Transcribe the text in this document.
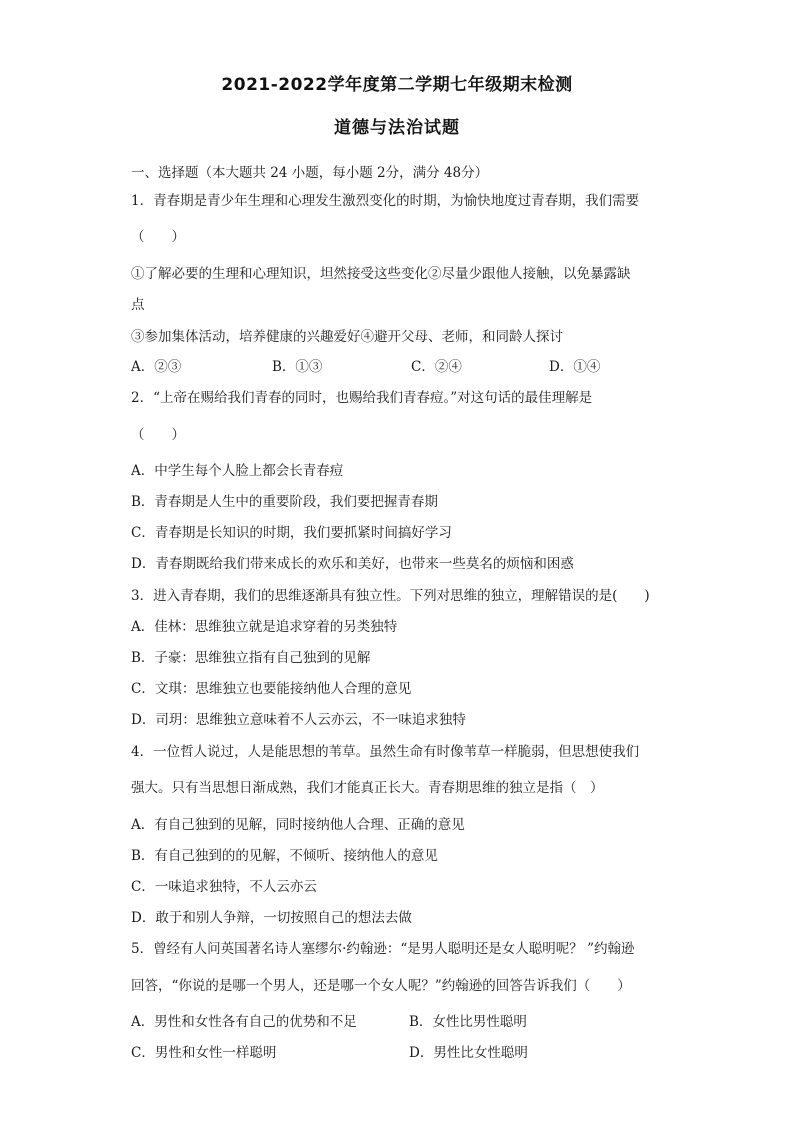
2021-2022学年度第二学期七年级期末检测
道德与法治试题
一、选择题（本大题共 24 小题，每小题 2分，满分 48分）
1．青春期是青少年生理和心理发生激烈变化的时期，为愉快地度过青春期，我们需要
（　　）
①了解必要的生理和心理知识，坦然接受这些变化②尽量少跟他人接触，以免暴露缺
点
③参加集体活动，培养健康的兴趣爱好④避开父母、老师，和同龄人探讨
A．②③	B．①③	C．②④	D．①④
2．“上帝在赐给我们青春的同时，也赐给我们青春痘。”对这句话的最佳理解是
（　　）
A．中学生每个人脸上都会长青春痘
B．青春期是人生中的重要阶段，我们要把握青春期
C．青春期是长知识的时期，我们要抓紧时间搞好学习
D．青春期既给我们带来成长的欢乐和美好，也带来一些莫名的烦恼和困惑
3．进入青春期，我们的思维逐渐具有独立性。下列对思维的独立，理解错误的是(　　)
A．佳林：思维独立就是追求穿着的另类独特
B．子豪：思维独立指有自己独到的见解
C．文琪：思维独立也要能接纳他人合理的意见
D．司玥：思维独立意味着不人云亦云，不一味追求独特
4．一位哲人说过，人是能思想的苇草。虽然生命有时像苇草一样脆弱，但思想使我们
强大。只有当思想日渐成熟，我们才能真正长大。青春期思维的独立是指（　）
A．有自己独到的见解，同时接纳他人合理、正确的意见
B．有自己独到的的见解，不倾听、接纳他人的意见
C．一味追求独特，不人云亦云
D．敢于和别人争辩，一切按照自己的想法去做
5．曾经有人问英国著名诗人塞缪尔·约翰逊：“是男人聪明还是女人聪明呢？ ”约翰逊
回答，“你说的是哪一个男人，还是哪一个女人呢？”约翰逊的回答告诉我们（　　）
A．男性和女性各有自己的优势和不足	B．女性比男性聪明
C．男性和女性一样聪明	D．男性比女性聪明
